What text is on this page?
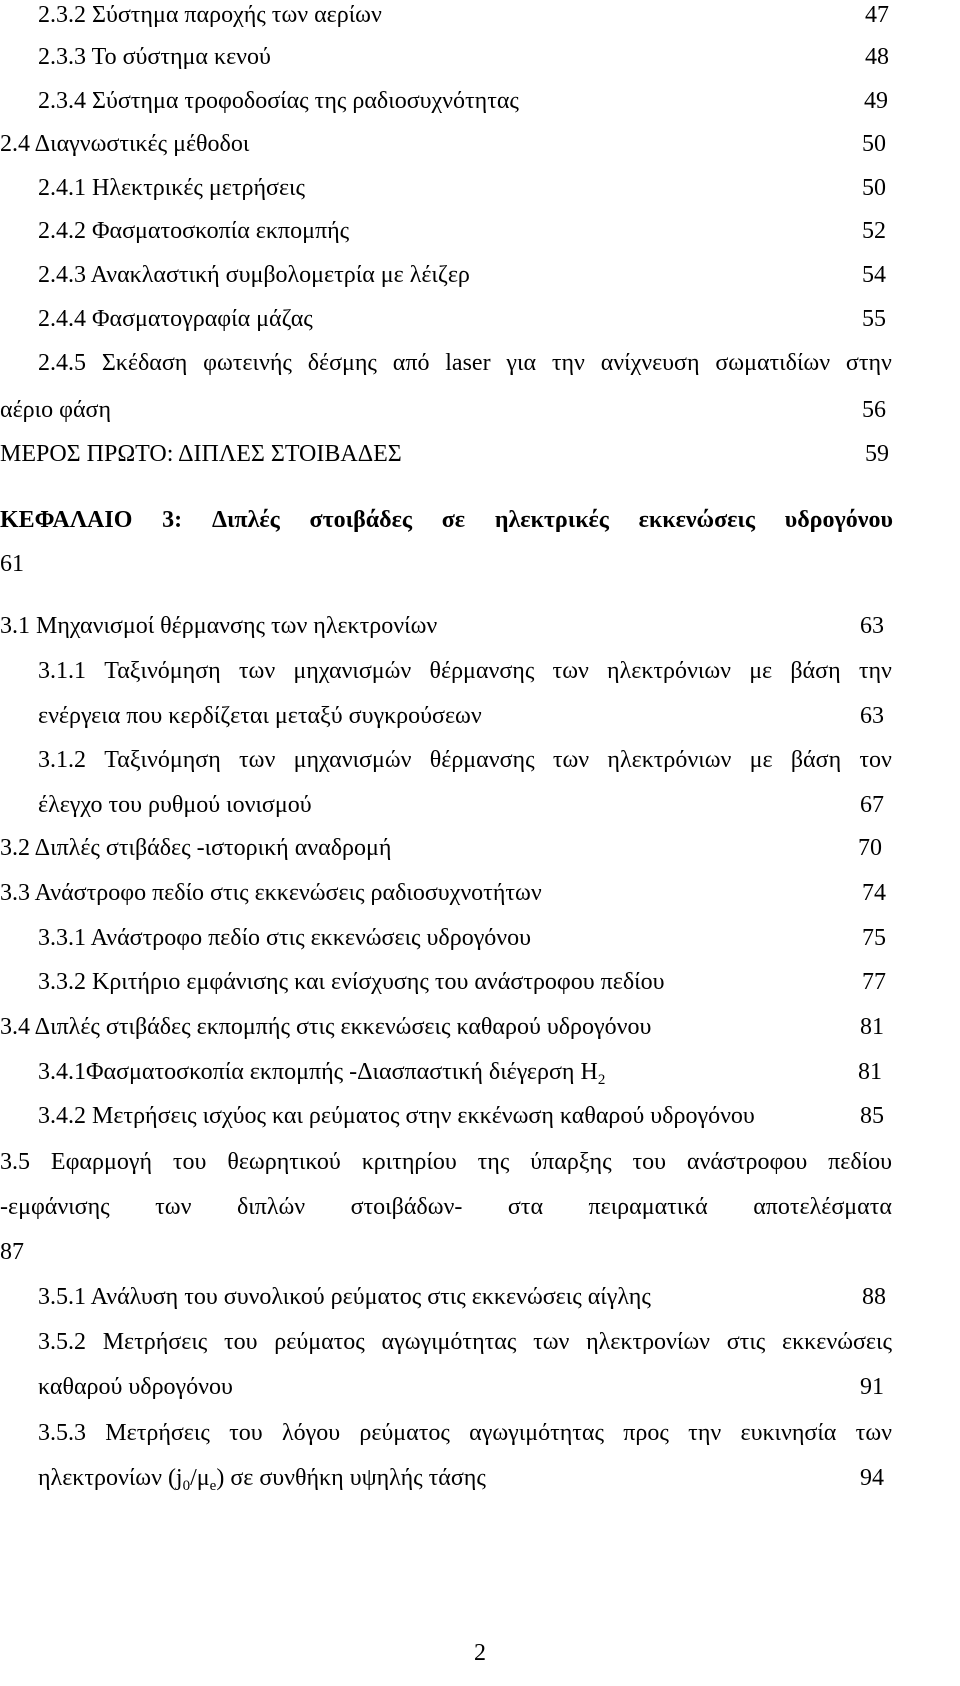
2.3.2 Σύστημα παροχής των αερίων	47
2.3.3 Το σύστημα κενού	48
2.3.4 Σύστημα τροφοδοσίας της ραδιοσυχνότητας	49
2.4 Διαγνωστικές μέθοδοι	50
2.4.1 Ηλεκτρικές μετρήσεις	50
2.4.2 Φασματοσκοπία εκπομπής	52
2.4.3 Ανακλαστική συμβολομετρία με λέιζερ	54
2.4.4 Φασματογραφία μάζας	55
2.4.5 Σκέδαση φωτεινής δέσμης από laser για την ανίχνευση σωματιδίων στην
αέριο φάση	56
ΜΕΡΟΣ ΠΡΩΤΟ: ΔΙΠΛΕΣ ΣΤΟΙΒΑΔΕΣ	59
ΚΕΦΑΛΑΙΟ 3: Διπλές στοιβάδες σε ηλεκτρικές εκκενώσεις υδρογόνου
61
3.1 Μηχανισμοί θέρμανσης των ηλεκτρονίων	63
3.1.1 Ταξινόμηση των μηχανισμών θέρμανσης των ηλεκτρόνιων με βάση την
ενέργεια που κερδίζεται μεταξύ συγκρούσεων	63
3.1.2 Ταξινόμηση των μηχανισμών θέρμανσης των ηλεκτρόνιων με βάση τον
έλεγχο του ρυθμού ιονισμού	67
3.2 Διπλές στιβάδες -ιστορική αναδρομή	70
3.3 Ανάστροφο πεδίο στις εκκενώσεις ραδιοσυχνοτήτων	74
3.3.1 Ανάστροφο πεδίο στις εκκενώσεις υδρογόνου	75
3.3.2 Κριτήριο εμφάνισης και ενίσχυσης του ανάστροφου πεδίου	77
3.4 Διπλές στιβάδες εκπομπής στις εκκενώσεις καθαρού υδρογόνου	81
3.4.1Φασματοσκοπία εκπομπής -Διασπαστική διέγερση $H_2$	81
3.4.2 Μετρήσεις ισχύος και ρεύματος στην εκκένωση καθαρού υδρογόνου	85
3.5 Εφαρμογή του θεωρητικού κριτηρίου της ύπαρξης του ανάστροφου πεδίου
-εμφάνισης των διπλών στοιβάδων- στα πειραματικά αποτελέσματα
87
3.5.1 Ανάλυση του συνολικού ρεύματος στις εκκενώσεις αίγλης	88
3.5.2 Μετρήσεις του ρεύματος αγωγιμότητας των ηλεκτρονίων στις εκκενώσεις
καθαρού υδρογόνου	91
3.5.3 Μετρήσεις του λόγου ρεύματος αγωγιμότητας προς την ευκινησία των
ηλεκτρονίων $(j_0/\mu_e)$ σε συνθήκη υψηλής τάσης	94
2
